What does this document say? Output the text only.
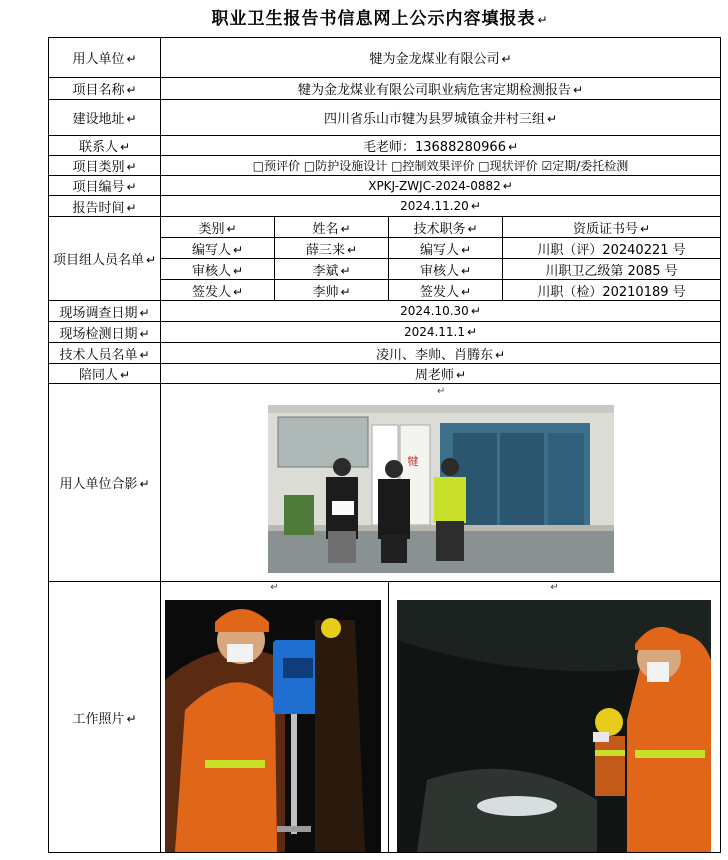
职业卫生报告书信息网上公示内容填报表 ↵
用人单位 ↵	犍为金龙煤业有限公司 ↵			
项目名称 ↵	犍为金龙煤业有限公司职业病危害定期检测报告 ↵			
建设地址 ↵	四川省乐山市犍为县罗城镇金井村三组 ↵			
联系人 ↵	毛老师：13688280966 ↵			
项目类别 ↵	□预评价 □防护设施设计 □控制效果评价 □现状评价 ☑定期/委托检测			
项目编号 ↵	XPKJ-ZWJC-2024-0882 ↵			
报告时间 ↵	2024.11.20 ↵			
项目组人员名单 ↵	类别 ↵	姓名 ↵	技术职务 ↵	资质证书号 ↵
	编写人 ↵	薛三来 ↵	编写人 ↵	川职（评）20240221 号
	审核人 ↵	李斌 ↵	审核人 ↵	川职卫乙级第 2085 号
	签发人 ↵	李帅 ↵	签发人 ↵	川职（检）20210189 号
现场调查日期 ↵	2024.10.30 ↵			
现场检测日期 ↵	2024.11.1 ↵			
技术人员名单 ↵	凌川、李帅、肖腾东 ↵			
陪同人 ↵	周老师 ↵			
用人单位合影 ↵	↵
犍			

工作照片 ↵	↵		↵	
